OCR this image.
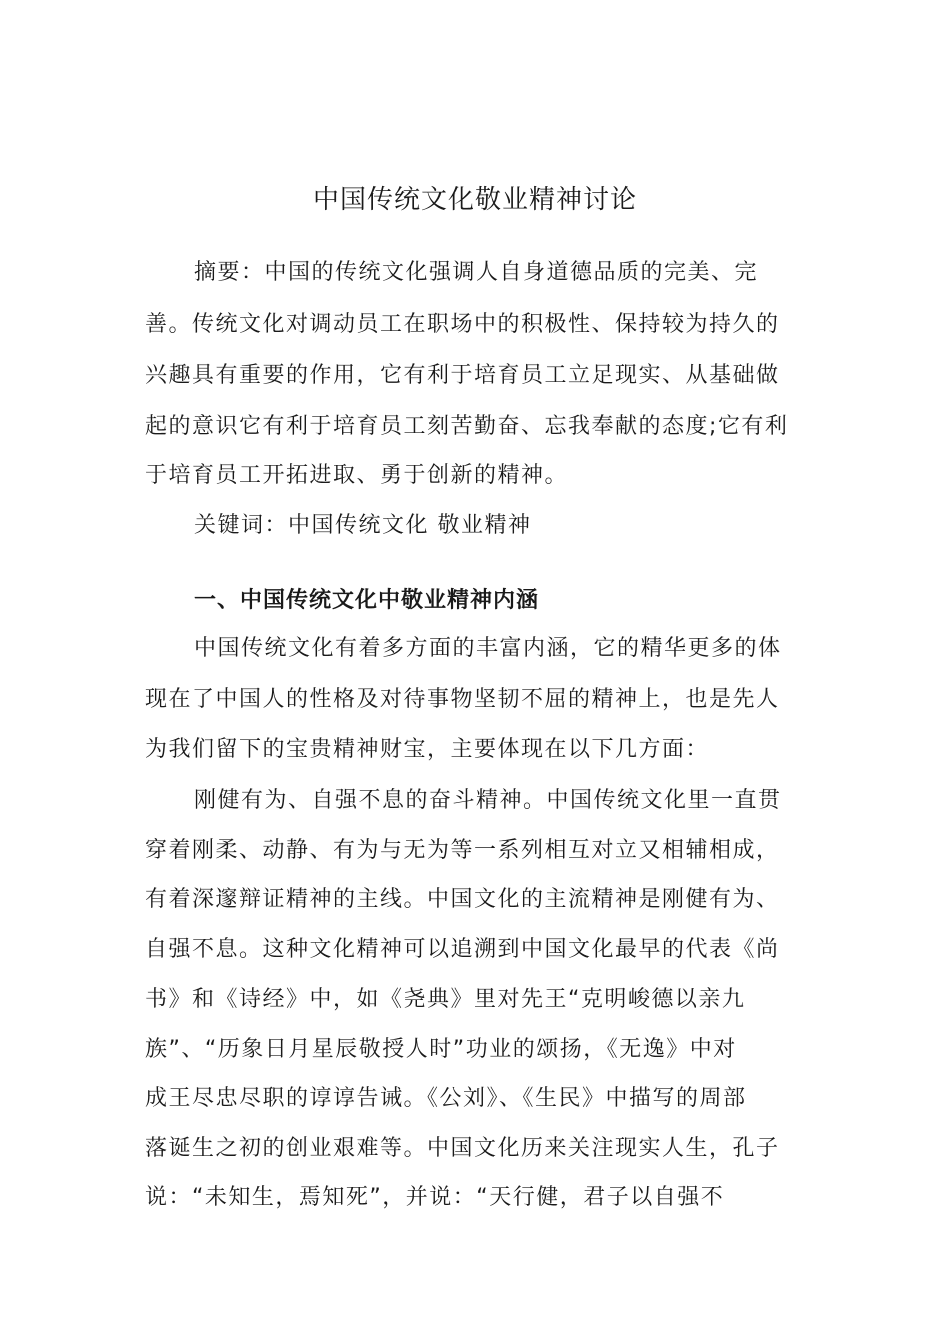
中国传统文化敬业精神讨论

摘要：中国的传统文化强调人自身道德品质的完美、完

善。传统文化对调动员工在职场中的积极性、保持较为持久的

兴趣具有重要的作用，它有利于培育员工立足现实、从基础做

起的意识它有利于培育员工刻苦勤奋、忘我奉献的态度;它有利

于培育员工开拓进取、勇于创新的精神。

关键词：中国传统文化 敬业精神

一、中国传统文化中敬业精神内涵

中国传统文化有着多方面的丰富内涵，它的精华更多的体

现在了中国人的性格及对待事物坚韧不屈的精神上，也是先人

为我们留下的宝贵精神财宝，主要体现在以下几方面：

刚健有为、自强不息的奋斗精神。中国传统文化里一直贯

穿着刚柔、动静、有为与无为等一系列相互对立又相辅相成，

有着深邃辩证精神的主线。中国文化的主流精神是刚健有为、

自强不息。这种文化精神可以追溯到中国文化最早的代表《尚

书》和《诗经》中，如《尧典》里对先王“克明峻德以亲九

族”、“历象日月星辰敬授人时”功业的颂扬，《无逸》中对

成王尽忠尽职的谆谆告诫。《公刘》、《生民》中描写的周部

落诞生之初的创业艰难等。中国文化历来关注现实人生，孔子

说：“未知生，焉知死”，并说：“天行健，君子以自强不
